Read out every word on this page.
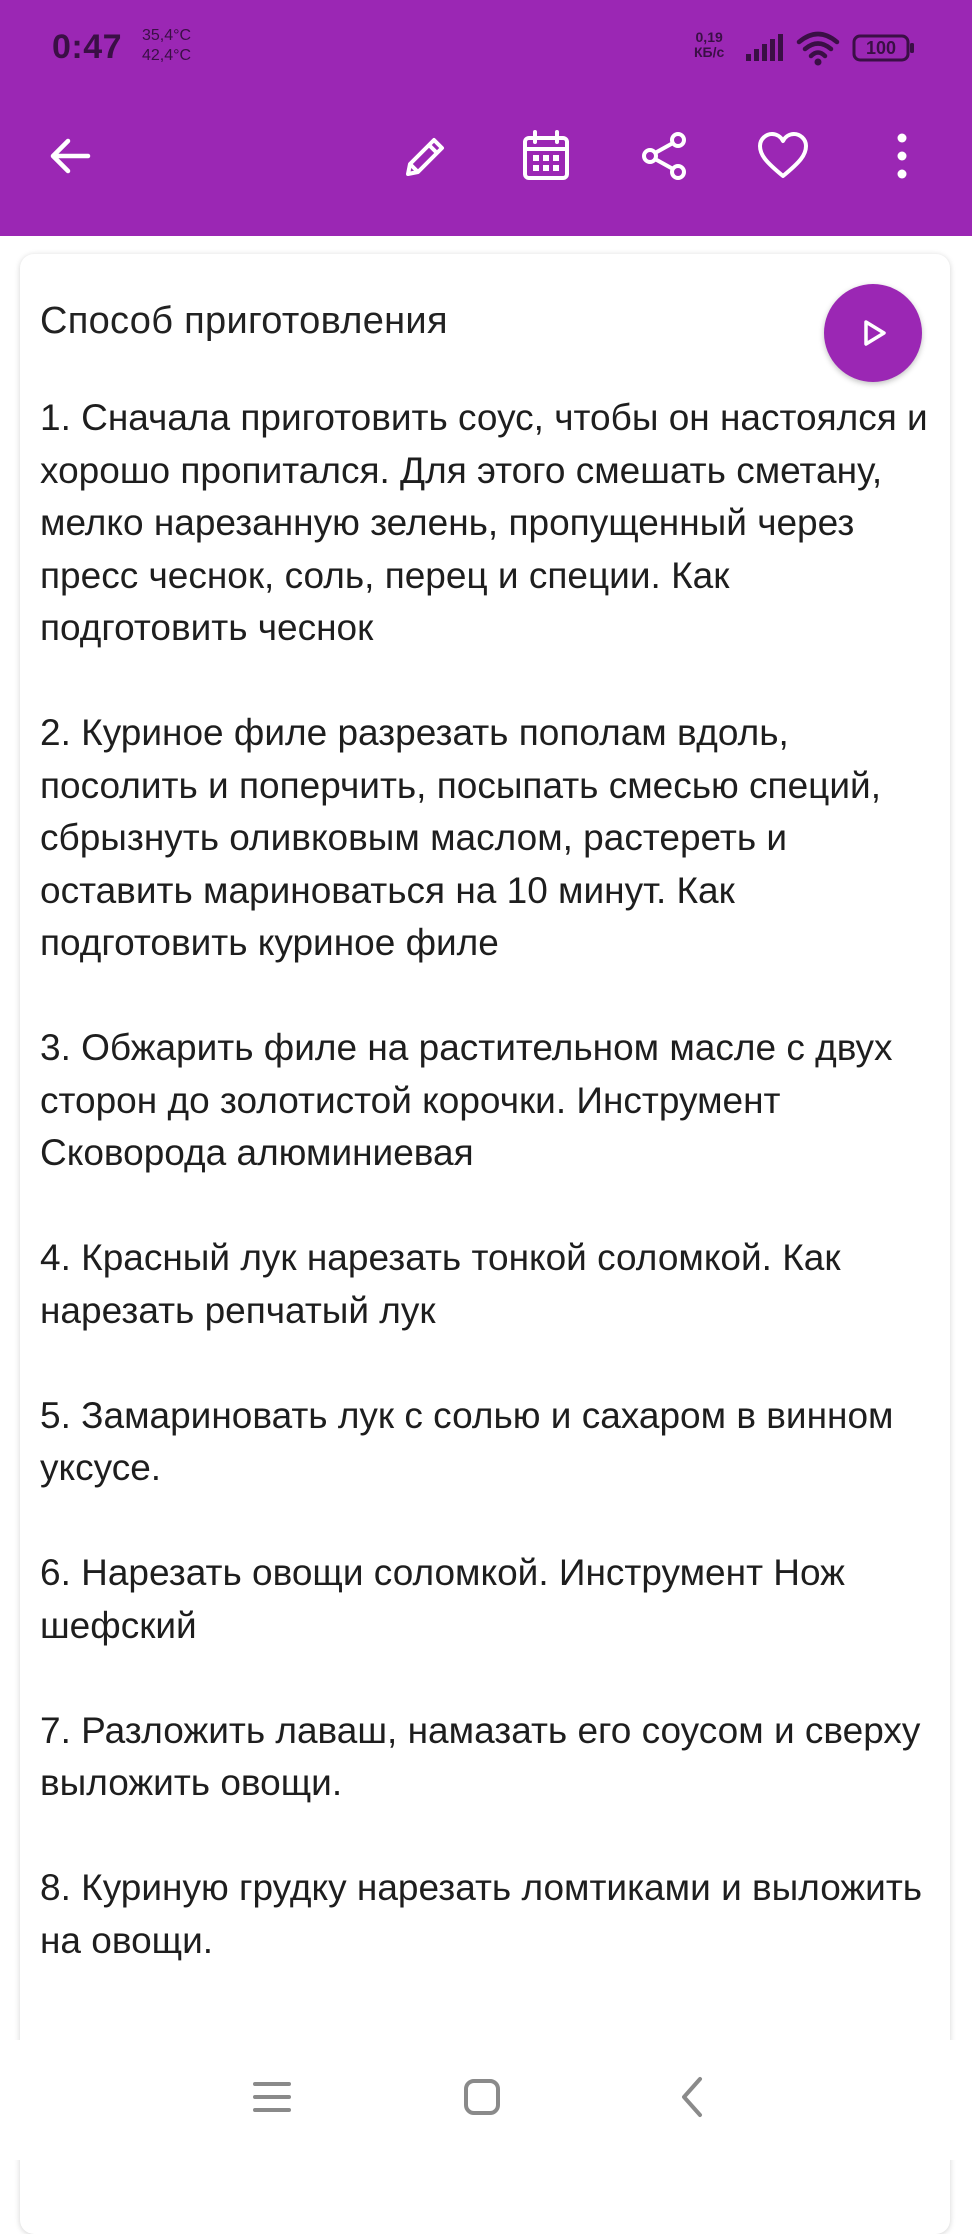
0:47 35,4°C
42,4°C
0,19
КБ/с	100
Способ приготовления

1. Сначала приготовить соус, чтобы он настоялся и хорошо пропитался. Для этого смешать сметану, мелко нарезанную зелень, пропущенный через пресс чеснок, соль, перец и специи. Как подготовить чеснок

2. Куриное филе разрезать пополам вдоль, посолить и поперчить, посыпать смесью специй, сбрызнуть оливковым маслом, растереть и оставить мариноваться на 10 минут. Как подготовить куриное филе

3. Обжарить филе на растительном масле с двух сторон до золотистой корочки. Инструмент Сковорода алюминиевая

4. Красный лук нарезать тонкой соломкой. Как нарезать репчатый лук

5. Замариновать лук с солью и сахаром в винном уксусе.

6. Нарезать овощи соломкой. Инструмент Нож шефский

7. Разложить лаваш, намазать его соусом и сверху выложить овощи.

8. Куриную грудку нарезать ломтиками и выложить на овощи.
